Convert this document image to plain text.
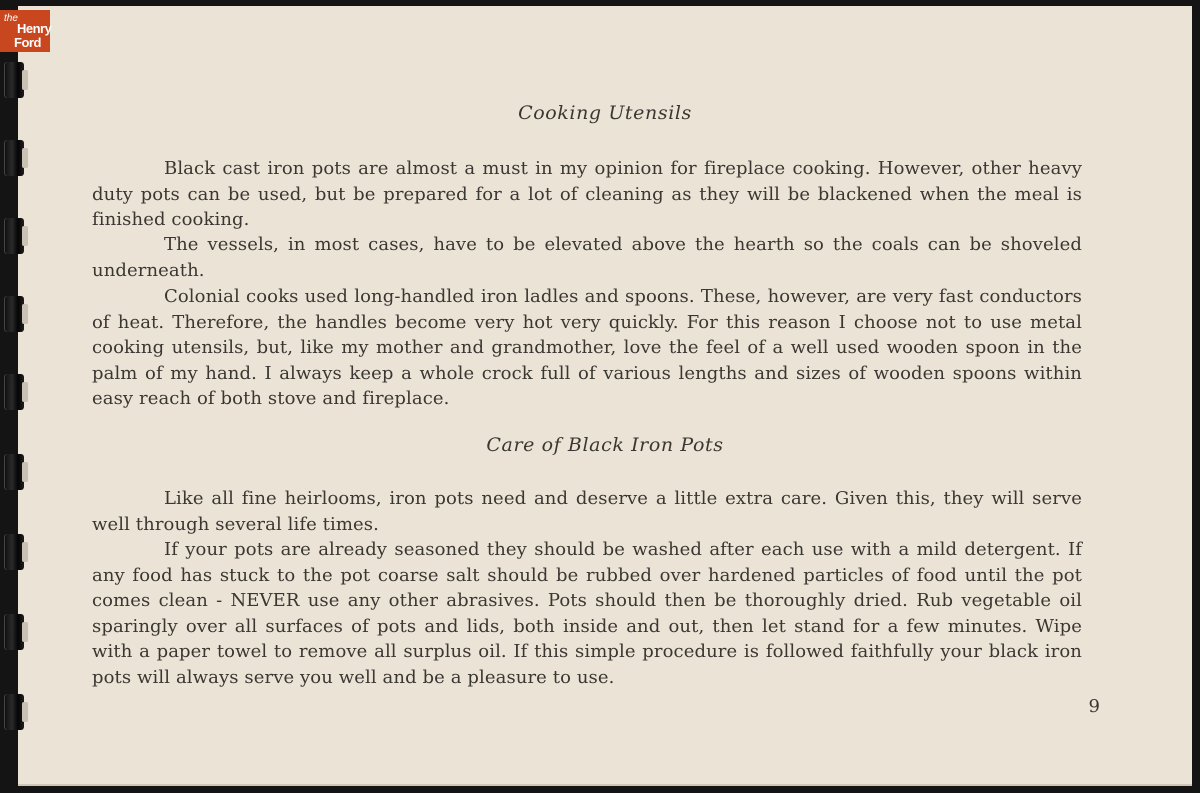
Cooking Utensils

Black cast iron pots are almost a must in my opinion for fireplace cooking. However, other heavy duty pots can be used, but be prepared for a lot of cleaning as they will be blackened when the meal is finished cooking.

The vessels, in most cases, have to be elevated above the hearth so the coals can be shoveled underneath.

Colonial cooks used long-handled iron ladles and spoons. These, however, are very fast conductors of heat. Therefore, the handles become very hot very quickly. For this reason I choose not to use metal cooking utensils, but, like my mother and grandmother, love the feel of a well used wooden spoon in the palm of my hand. I always keep a whole crock full of various lengths and sizes of wooden spoons within easy reach of both stove and fireplace.

Care of Black Iron Pots

Like all fine heirlooms, iron pots need and deserve a little extra care. Given this, they will serve well through several life times.

If your pots are already seasoned they should be washed after each use with a mild detergent. If any food has stuck to the pot coarse salt should be rubbed over hardened particles of food until the pot comes clean - NEVER use any other abrasives. Pots should then be thoroughly dried. Rub vegetable oil sparingly over all surfaces of pots and lids, both inside and out, then let stand for a few minutes. Wipe with a paper towel to remove all surplus oil. If this simple procedure is followed faithfully your black iron pots will always serve you well and be a pleasure to use.

9
the
Henry
Ford
